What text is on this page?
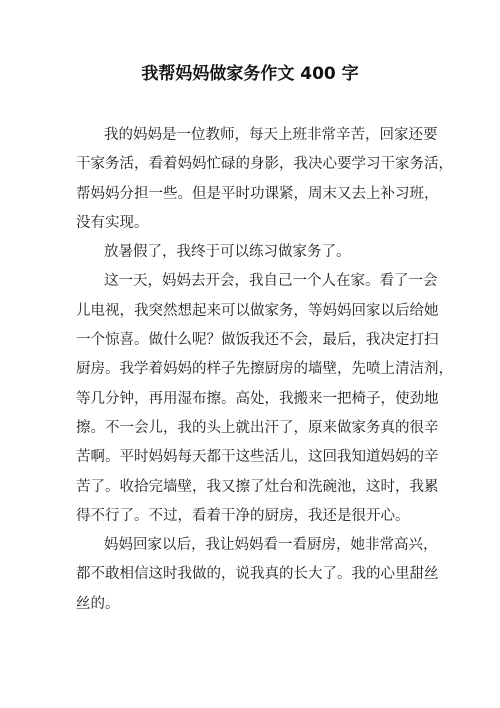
我帮妈妈做家务作文 400 字
我的妈妈是一位教师，每天上班非常辛苦，回家还要
干家务活，看着妈妈忙碌的身影，我决心要学习干家务活，
帮妈妈分担一些。但是平时功课紧，周末又去上补习班，
没有实现。
放暑假了，我终于可以练习做家务了。
这一天，妈妈去开会，我自己一个人在家。看了一会
儿电视，我突然想起来可以做家务，等妈妈回家以后给她
一个惊喜。做什么呢？做饭我还不会，最后，我决定打扫
厨房。我学着妈妈的样子先擦厨房的墙壁，先喷上清洁剂，
等几分钟，再用湿布擦。高处，我搬来一把椅子，使劲地
擦。不一会儿，我的头上就出汗了，原来做家务真的很辛
苦啊。平时妈妈每天都干这些活儿，这回我知道妈妈的辛
苦了。收拾完墙壁，我又擦了灶台和洗碗池，这时，我累
得不行了。不过，看着干净的厨房，我还是很开心。
妈妈回家以后，我让妈妈看一看厨房，她非常高兴，
都不敢相信这时我做的，说我真的长大了。我的心里甜丝
丝的。
